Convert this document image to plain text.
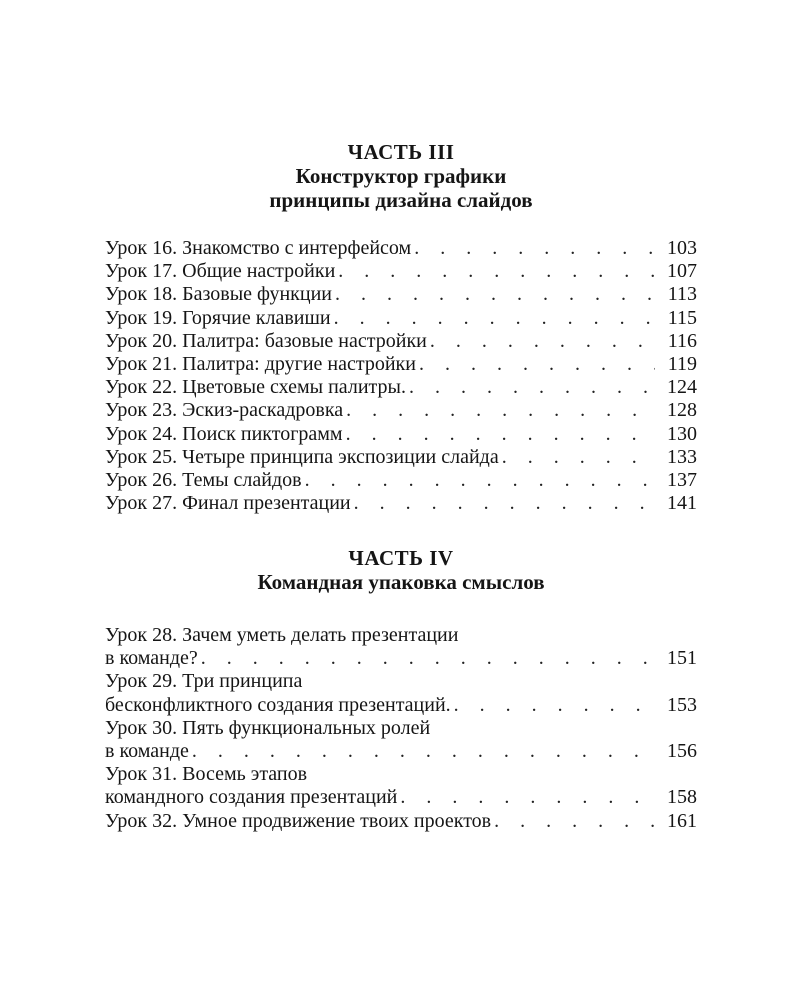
ЧАСТЬ III

Конструктор графики

принципы дизайна слайдов

Урок 16. Знакомство с интерфейсом . . .	103
Урок 17. Общие настройки . . .	107
Урок 18. Базовые функции . . .	113
Урок 19. Горячие клавиши . . .	115
Урок 20. Палитра: базовые настройки . . .	116
Урок 21. Палитра: другие настройки . . .	119
Урок 22. Цветовые схемы палитры. . . .	124
Урок 23. Эскиз-раскадровка . . .	128
Урок 24. Поиск пиктограмм . . .	130
Урок 25. Четыре принципа экспозиции слайда . . .	133
Урок 26. Темы слайдов . . .	137
Урок 27. Финал презентации . . .	141
ЧАСТЬ IV

Командная упаковка смыслов

Урок 28. Зачем уметь делать презентации
в команде? . . .	151
Урок 29. Три принципа
бесконфликтного создания презентаций. . . .	153
Урок 30. Пять функциональных ролей
в команде . . .	156
Урок 31. Восемь этапов
командного создания презентаций . . .	158
Урок 32. Умное продвижение твоих проектов . . .	161
